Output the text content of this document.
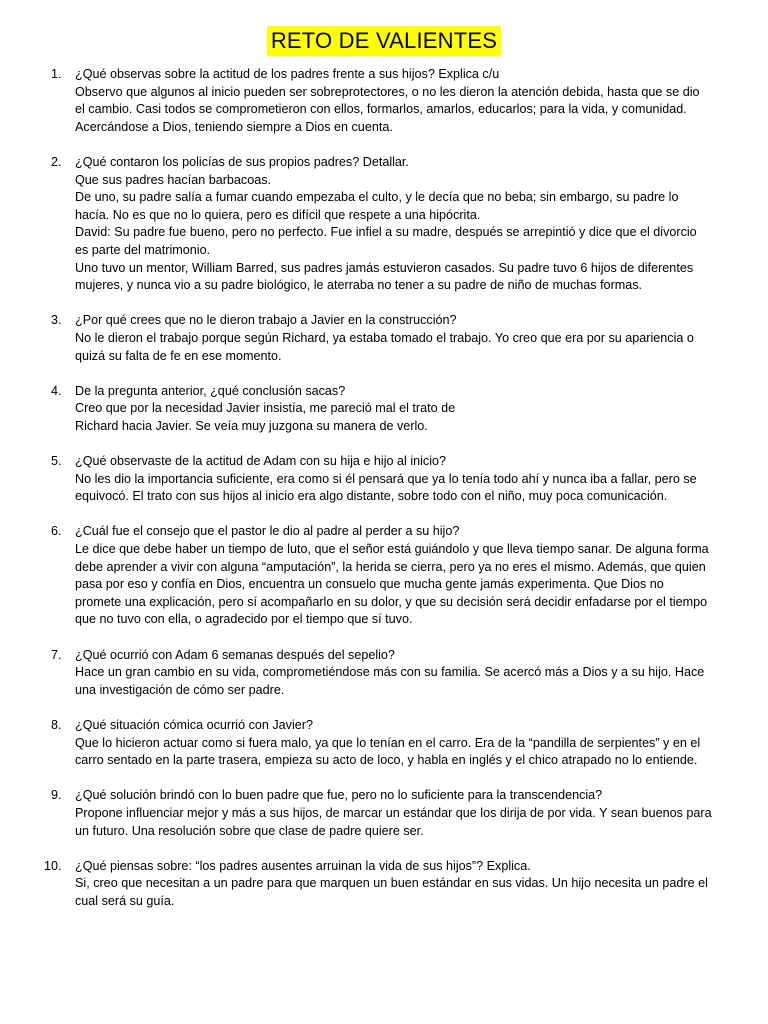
RETO DE VALIENTES
1. ¿Qué observas sobre la actitud de los padres frente a sus hijos? Explica c/u
Observo que algunos al inicio pueden ser sobreprotectores, o no les dieron la atención debida, hasta que se dio el cambio. Casi todos se comprometieron con ellos, formarlos, amarlos, educarlos; para la vida, y comunidad. Acercándose a Dios, teniendo siempre a Dios en cuenta.
2. ¿Qué contaron los policías de sus propios padres? Detallar.
Que sus padres hacían barbacoas.
De uno, su padre salía a fumar cuando empezaba el culto, y le decía que no beba; sin embargo, su padre lo hacía. No es que no lo quiera, pero es difícil que respete a una hipócrita.
David: Su padre fue bueno, pero no perfecto. Fue infiel a su madre, después se arrepintió y dice que el divorcio es parte del matrimonio.
Uno tuvo un mentor, William Barred, sus padres jamás estuvieron casados. Su padre tuvo 6 hijos de diferentes mujeres, y nunca vio a su padre biológico, le aterraba no tener a su padre de niño de muchas formas.
3. ¿Por qué crees que no le dieron trabajo a Javier en la construcción?
No le dieron el trabajo porque según Richard, ya estaba tomado el trabajo. Yo creo que era por su apariencia o quizá su falta de fe en ese momento.
4. De la pregunta anterior, ¿qué conclusión sacas?
Creo que por la necesidad Javier insistía, me pareció mal el trato de
Richard hacia Javier. Se veía muy juzgona su manera de verlo.
5. ¿Qué observaste de la actitud de Adam con su hija e hijo al inicio?
No les dio la importancia suficiente, era como si él pensará que ya lo tenía todo ahí y nunca iba a fallar, pero se equivocó. El trato con sus hijos al inicio era algo distante, sobre todo con el niño, muy poca comunicación.
6. ¿Cuál fue el consejo que el pastor le dio al padre al perder a su hijo?
Le dice que debe haber un tiempo de luto, que el señor está guiándolo y que lleva tiempo sanar. De alguna forma debe aprender a vivir con alguna “amputación”, la herida se cierra, pero ya no eres el mismo. Además, que quien pasa por eso y confía en Dios, encuentra un consuelo que mucha gente jamás experimenta. Que Dios no promete una explicación, pero sí acompañarlo en su dolor, y que su decisión será decidir enfadarse por el tiempo que no tuvo con ella, o agradecido por el tiempo que sí tuvo.
7. ¿Qué ocurrió con Adam 6 semanas después del sepelio?
Hace un gran cambio en su vida, comprometiéndose más con su familia. Se acercó más a Dios y a su hijo. Hace una investigación de cómo ser padre.
8. ¿Qué situación cómica ocurrió con Javier?
Que lo hicieron actuar como si fuera malo, ya que lo tenían en el carro. Era de la “pandilla de serpientes” y en el carro sentado en la parte trasera, empieza su acto de loco, y habla en inglés y el chico atrapado no lo entiende.
9. ¿Qué solución brindó con lo buen padre que fue, pero no lo suficiente para la transcendencia?
Propone influenciar mejor y más a sus hijos, de marcar un estándar que los dirija de por vida. Y sean buenos para un futuro. Una resolución sobre que clase de padre quiere ser.
10. ¿Qué piensas sobre: “los padres ausentes arruinan la vida de sus hijos”? Explica.
Si, creo que necesitan a un padre para que marquen un buen estándar en sus vidas. Un hijo necesita un padre el cual será su guía.
